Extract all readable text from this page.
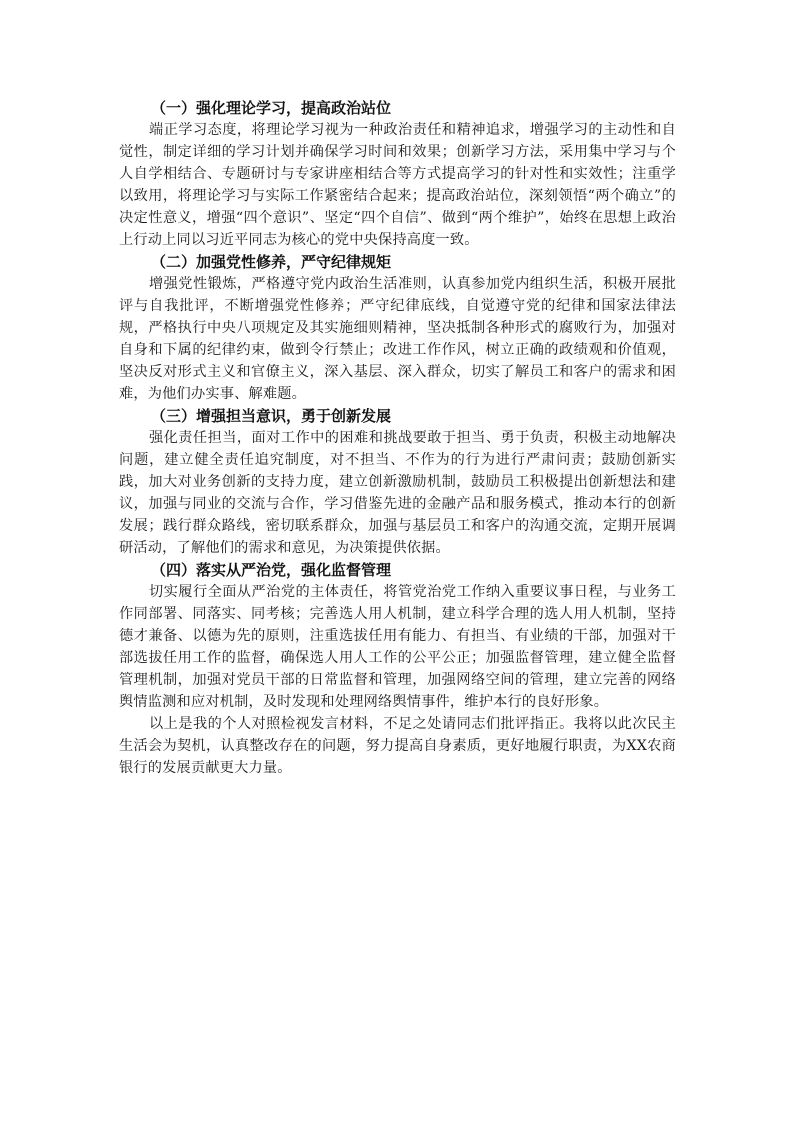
（一）强化理论学习，提高政治站位

端正学习态度，将理论学习视为一种政治责任和精神追求，增强学习的主动性和自觉性，制定详细的学习计划并确保学习时间和效果；创新学习方法，采用集中学习与个人自学相结合、专题研讨与专家讲座相结合等方式提高学习的针对性和实效性；注重学以致用，将理论学习与实际工作紧密结合起来；提高政治站位，深刻领悟“两个确立”的决定性意义，增强“四个意识”、坚定“四个自信”、做到“两个维护”，始终在思想上政治上行动上同以习近平同志为核心的党中央保持高度一致。

（二）加强党性修养，严守纪律规矩

增强党性锻炼，严格遵守党内政治生活准则，认真参加党内组织生活，积极开展批评与自我批评，不断增强党性修养；严守纪律底线，自觉遵守党的纪律和国家法律法规，严格执行中央八项规定及其实施细则精神，坚决抵制各种形式的腐败行为，加强对自身和下属的纪律约束，做到令行禁止；改进工作作风，树立正确的政绩观和价值观，坚决反对形式主义和官僚主义，深入基层、深入群众，切实了解员工和客户的需求和困难，为他们办实事、解难题。

（三）增强担当意识，勇于创新发展

强化责任担当，面对工作中的困难和挑战要敢于担当、勇于负责，积极主动地解决问题，建立健全责任追究制度，对不担当、不作为的行为进行严肃问责；鼓励创新实践，加大对业务创新的支持力度，建立创新激励机制，鼓励员工积极提出创新想法和建议，加强与同业的交流与合作，学习借鉴先进的金融产品和服务模式，推动本行的创新发展；践行群众路线，密切联系群众，加强与基层员工和客户的沟通交流，定期开展调研活动，了解他们的需求和意见，为决策提供依据。

（四）落实从严治党，强化监督管理

切实履行全面从严治党的主体责任，将管党治党工作纳入重要议事日程，与业务工作同部署、同落实、同考核；完善选人用人机制，建立科学合理的选人用人机制，坚持德才兼备、以德为先的原则，注重选拔任用有能力、有担当、有业绩的干部，加强对干部选拔任用工作的监督，确保选人用人工作的公平公正；加强监督管理，建立健全监督管理机制，加强对党员干部的日常监督和管理，加强网络空间的管理，建立完善的网络舆情监测和应对机制，及时发现和处理网络舆情事件，维护本行的良好形象。

以上是我的个人对照检视发言材料，不足之处请同志们批评指正。我将以此次民主生活会为契机，认真整改存在的问题，努力提高自身素质，更好地履行职责，为XX农商银行的发展贡献更大力量。
